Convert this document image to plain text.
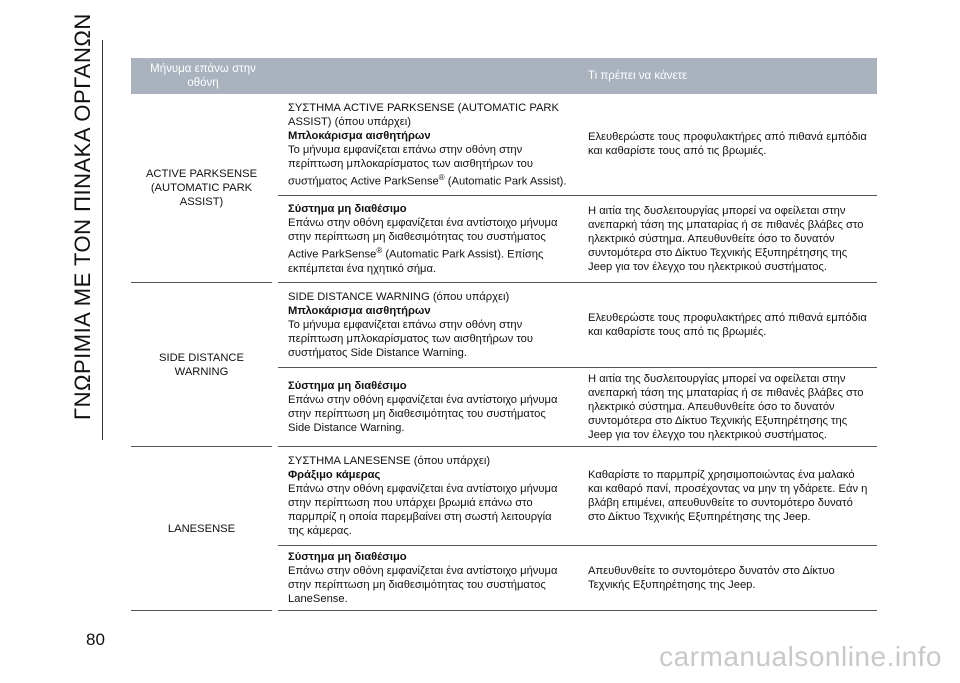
ΓΝΩΡΙΜΙΑ ΜΕ ΤΟΝ ΠΙΝΑΚΑ ΟΡΓΑΝΩΝ	Μήνυμα επάνω στην οθόνη		Τι πρέπει να κάνετε
ACTIVE PARKSENSE (AUTOMATIC PARK ASSIST)	ΣΥΣΤΗΜΑ ACTIVE PARKSENSE (AUTOMATIC PARK ASSIST) (όπου υπάρχει)
Μπλοκάρισμα αισθητήρων
Το μήνυμα εμφανίζεται επάνω στην οθόνη στην περίπτωση μπλοκαρίσματος των αισθητήρων του συστήματος Active ParkSense® (Automatic Park Assist).	Ελευθερώστε τους προφυλακτήρες από πιθανά εμπόδια και καθαρίστε τους από τις βρωμιές.

	Σύστημα μη διαθέσιμο
Επάνω στην οθόνη εμφανίζεται ένα αντίστοιχο μήνυμα στην περίπτωση μη διαθεσιμότητας του συστήματος Active ParkSense® (Automatic Park Assist). Επίσης εκπέμπεται ένα ηχητικό σήμα.	Η αιτία της δυσλειτουργίας μπορεί να οφείλεται στην ανεπαρκή τάση της μπαταρίας ή σε πιθανές βλάβες στο ηλεκτρικό σύστημα. Απευθυνθείτε όσο το δυνατόν συντομότερα στο Δίκτυο Τεχνικής Εξυπηρέτησης της Jeep για τον έλεγχο του ηλεκτρικού συστήματος.
SIDE DISTANCE WARNING	SIDE DISTANCE WARNING (όπου υπάρχει)
Μπλοκάρισμα αισθητήρων
Το μήνυμα εμφανίζεται επάνω στην οθόνη στην περίπτωση μπλοκαρίσματος των αισθητήρων του συστήματος Side Distance Warning.	Ελευθερώστε τους προφυλακτήρες από πιθανά εμπόδια και καθαρίστε τους από τις βρωμιές.

	Σύστημα μη διαθέσιμο
Επάνω στην οθόνη εμφανίζεται ένα αντίστοιχο μήνυμα στην περίπτωση μη διαθεσιμότητας του συστήματος Side Distance Warning.	Η αιτία της δυσλειτουργίας μπορεί να οφείλεται στην ανεπαρκή τάση της μπαταρίας ή σε πιθανές βλάβες στο ηλεκτρικό σύστημα. Απευθυνθείτε όσο το δυνατόν συντομότερα στο Δίκτυο Τεχνικής Εξυπηρέτησης της Jeep για τον έλεγχο του ηλεκτρικού συστήματος.
LANESENSE	ΣΥΣΤΗΜΑ LANESENSE (όπου υπάρχει)
Φράξιμο κάμερας
Επάνω στην οθόνη εμφανίζεται ένα αντίστοιχο μήνυμα στην περίπτωση που υπάρχει βρωμιά επάνω στο παρμπρίζ η οποία παρεμβαίνει στη σωστή λειτουργία της κάμερας.	Καθαρίστε το παρμπρίζ χρησιμοποιώντας ένα μαλακό και καθαρό πανί, προσέχοντας να μην τη γδάρετε. Εάν η βλάβη επιμένει, απευθυνθείτε το συντομότερο δυνατό στο Δίκτυο Τεχνικής Εξυπηρέτησης της Jeep.

	Σύστημα μη διαθέσιμο
Επάνω στην οθόνη εμφανίζεται ένα αντίστοιχο μήνυμα στην περίπτωση μη διαθεσιμότητας του συστήματος LaneSense.	Απευθυνθείτε το συντομότερο δυνατόν στο Δίκτυο Τεχνικής Εξυπηρέτησης της Jeep.
80
carmanualsonline.info
